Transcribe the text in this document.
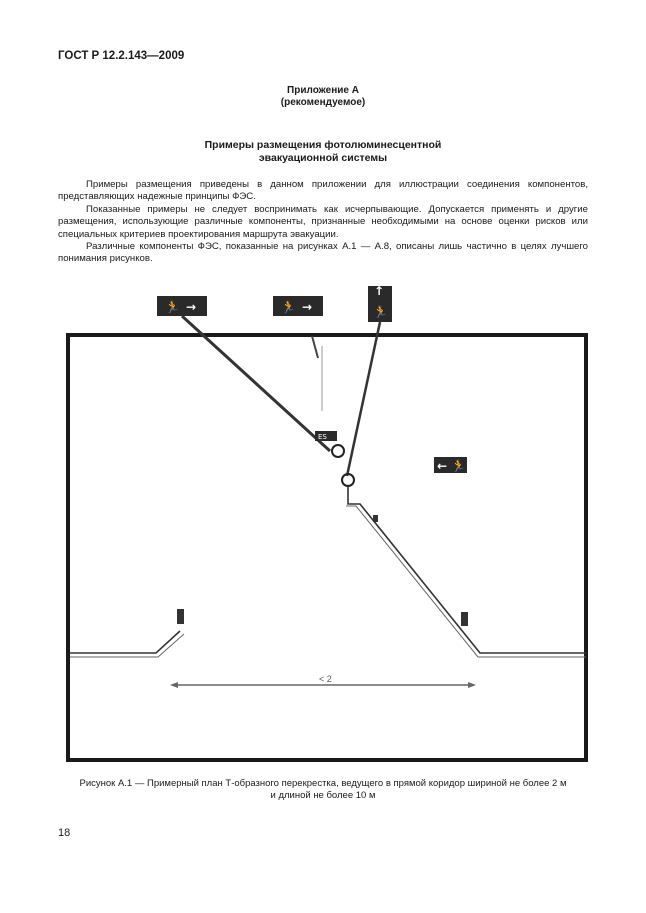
ГОСТ Р 12.2.143—2009
Приложение А
(рекомендуемое)
Примеры размещения фотолюминесцентной
эвакуационной системы

Примеры размещения приведены в данном приложении для иллюстрации соединения компонентов, представляющих надежные принципы ФЭС.

Показанные примеры не следует воспринимать как исчерпывающие. Допускается применять и другие размещения, использующие различные компоненты, признанные необходимыми на основе оценки рисков или специальных критериев проектирования маршрута эвакуации.

Различные компоненты ФЭС, показанные на рисунках А.1 — А.8, описаны лишь частично в целях лучшего понимания рисунков.

🏃 →	🏃 →
↑
🏃
ES
← 🏃
< 2
Рисунок А.1 — Примерный план Т-образного перекрестка, ведущего в прямой коридор шириной не более 2 м
и длиной не более 10 м
18
